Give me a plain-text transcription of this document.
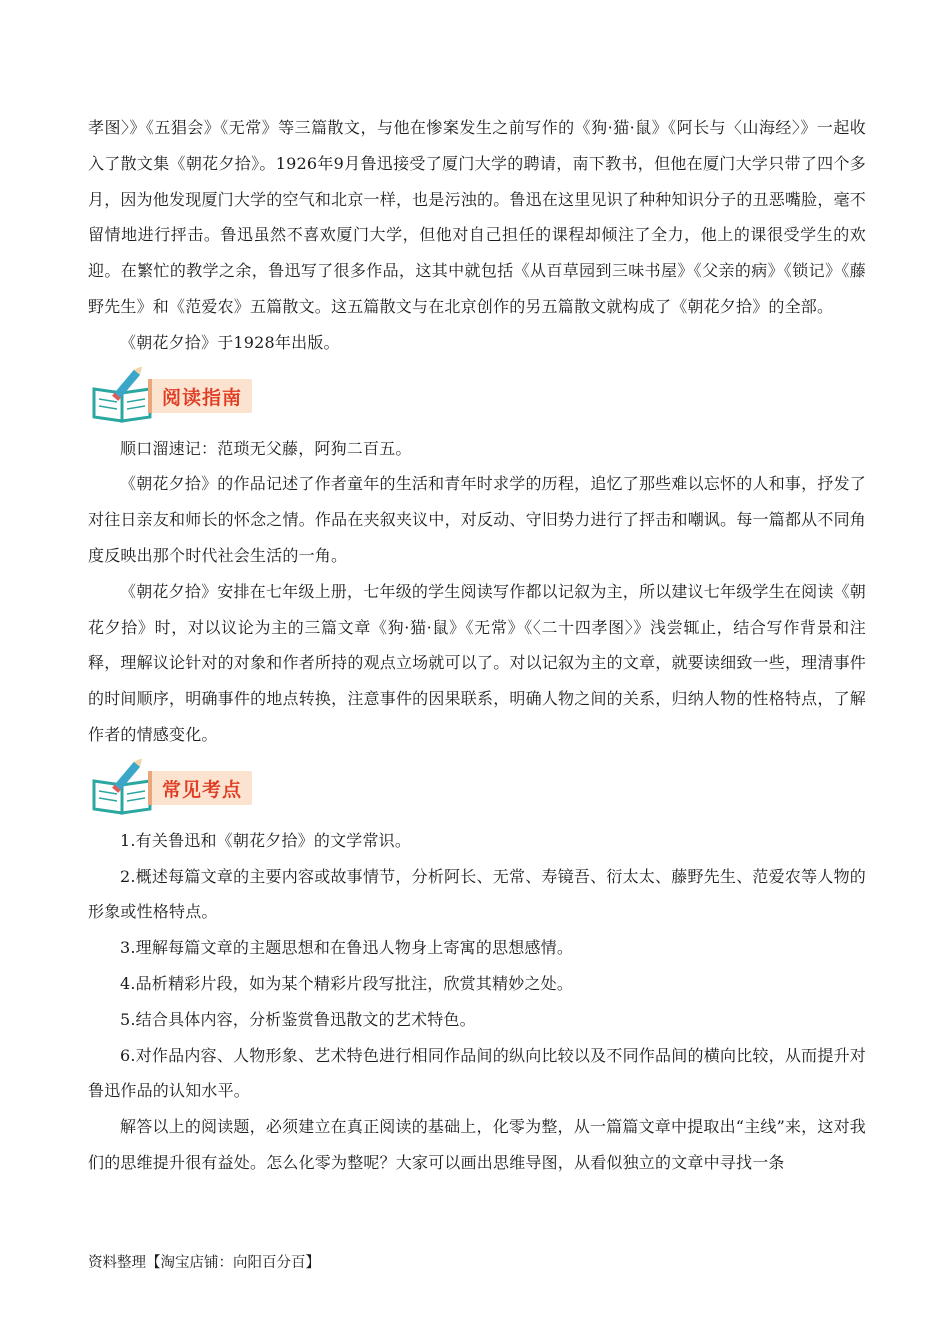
孝图〉》《五猖会》《无常》等三篇散文，与他在惨案发生之前写作的《狗·猫·鼠》《阿长与〈山海经〉》一起收入了散文集《朝花夕拾》。1926年9月鲁迅接受了厦门大学的聘请，南下教书，但他在厦门大学只带了四个多月，因为他发现厦门大学的空气和北京一样，也是污浊的。鲁迅在这里见识了种种知识分子的丑恶嘴脸，毫不留情地进行抨击。鲁迅虽然不喜欢厦门大学，但他对自己担任的课程却倾注了全力，他上的课很受学生的欢迎。在繁忙的教学之余，鲁迅写了很多作品，这其中就包括《从百草园到三味书屋》《父亲的病》《锁记》《藤野先生》和《范爱农》五篇散文。这五篇散文与在北京创作的另五篇散文就构成了《朝花夕拾》的全部。

《朝花夕拾》于1928年出版。

阅读指南

顺口溜速记：范琐无父藤，阿狗二百五。

《朝花夕拾》的作品记述了作者童年的生活和青年时求学的历程，追忆了那些难以忘怀的人和事，抒发了对往日亲友和师长的怀念之情。作品在夹叙夹议中，对反动、守旧势力进行了抨击和嘲讽。每一篇都从不同角度反映出那个时代社会生活的一角。

《朝花夕拾》安排在七年级上册，七年级的学生阅读写作都以记叙为主，所以建议七年级学生在阅读《朝花夕拾》时，对以议论为主的三篇文章《狗·猫·鼠》《无常》《〈二十四孝图〉》浅尝辄止，结合写作背景和注释，理解议论针对的对象和作者所持的观点立场就可以了。对以记叙为主的文章，就要读细致一些，理清事件的时间顺序，明确事件的地点转换，注意事件的因果联系，明确人物之间的关系，归纳人物的性格特点，了解作者的情感变化。

常见考点

1.有关鲁迅和《朝花夕拾》的文学常识。

2.概述每篇文章的主要内容或故事情节，分析阿长、无常、寿镜吾、衍太太、藤野先生、范爱农等人物的形象或性格特点。

3.理解每篇文章的主题思想和在鲁迅人物身上寄寓的思想感情。

4.品析精彩片段，如为某个精彩片段写批注，欣赏其精妙之处。

5.结合具体内容，分析鉴赏鲁迅散文的艺术特色。

6.对作品内容、人物形象、艺术特色进行相同作品间的纵向比较以及不同作品间的横向比较，从而提升对鲁迅作品的认知水平。

解答以上的阅读题，必须建立在真正阅读的基础上，化零为整，从一篇篇文章中提取出“主线”来，这对我们的思维提升很有益处。怎么化零为整呢？大家可以画出思维导图，从看似独立的文章中寻找一条

资料整理【淘宝店铺：向阳百分百】
